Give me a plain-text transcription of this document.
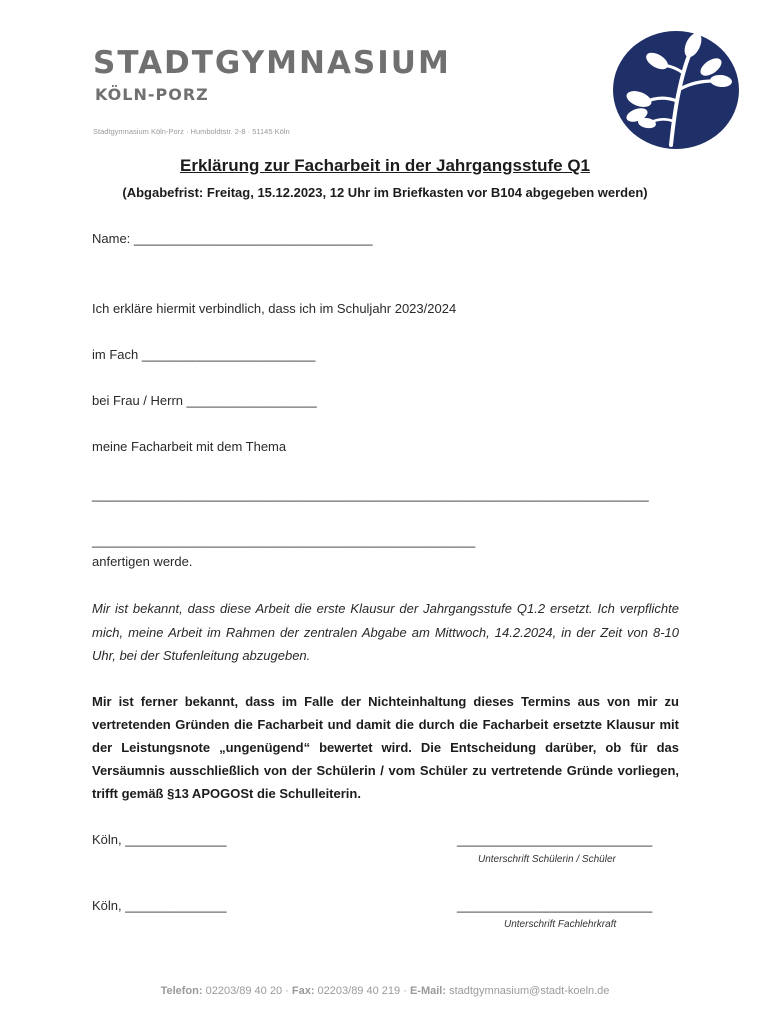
STADTGYMNASIUM
KÖLN-PORZ
Stadtgymnasium Köln-Porz · Humboldtstr. 2-8 · 51145 Köln
Erklärung zur Facharbeit in der Jahrgangsstufe Q1

(Abgabefrist: Freitag, 15.12.2023, 12 Uhr im Briefkasten vor B104 abgegeben werden)

Name: _________________________________
Ich erkläre hiermit verbindlich, dass ich im Schuljahr 2023/2024
im Fach ________________________
bei Frau / Herrn __________________
meine Facharbeit mit dem Thema
_____________________________________________________________________________
_____________________________________________________
anfertigen werde.

Mir ist bekannt, dass diese Arbeit die erste Klausur der Jahrgangsstufe Q1.2 ersetzt. Ich verpflichte mich, meine Arbeit im Rahmen der zentralen Abgabe am Mittwoch, 14.2.2024, in der Zeit von 8-10 Uhr, bei der Stufenleitung abzugeben.

Mir ist ferner bekannt, dass im Falle der Nichteinhaltung dieses Termins aus von mir zu vertretenden Gründen die Facharbeit und damit die durch die Facharbeit ersetzte Klausur mit der Leistungsnote „ungenügend“ bewertet wird. Die Entscheidung darüber, ob für das Versäumnis ausschließlich von der Schülerin / vom Schüler zu vertretende Gründe vorliegen, trifft gemäß §13 APOGOSt die Schulleiterin.

Köln, ______________	___________________________
Unterschrift Schülerin / Schüler
Köln, ______________	___________________________
Unterschrift Fachlehrkraft
Telefon: 02203/89 40 20 · Fax: 02203/89 40 219 · E-Mail: stadtgymnasium@stadt-koeln.de
